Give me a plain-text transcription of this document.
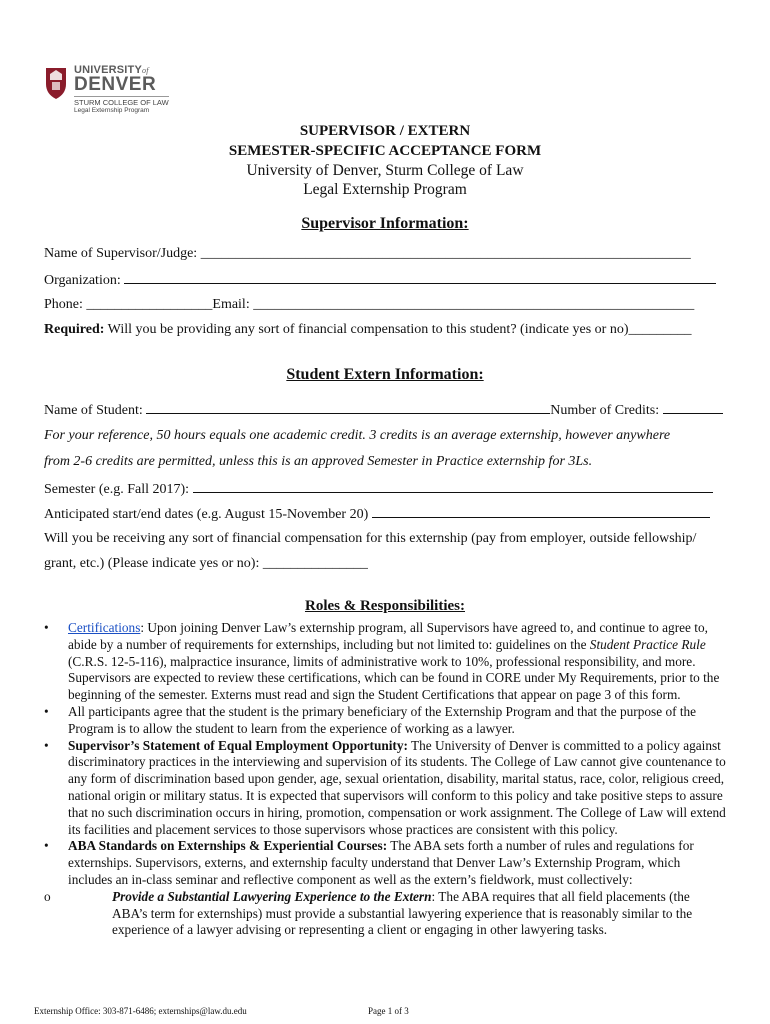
UNIVERSITYof
DENVER
STURM COLLEGE OF LAW
Legal Externship Program
SUPERVISOR / EXTERN
SEMESTER-SPECIFIC ACCEPTANCE FORM
University of Denver, Sturm College of Law
Legal Externship Program
Supervisor Information:
Name of Supervisor/Judge: ______________________________________________________________________
Organization:
Phone: __________________Email: _______________________________________________________________
Required: Will you be providing any sort of financial compensation to this student? (indicate yes or no)_________
Student Extern Information:
Name of Student:	Number of Credits:
For your reference, 50 hours equals one academic credit. 3 credits is an average externship, however anywhere
from 2-6 credits are permitted, unless this is an approved Semester in Practice externship for 3Ls.
Semester (e.g. Fall 2017):
Anticipated start/end dates (e.g. August 15-November 20)
Will you be receiving any sort of financial compensation for this externship (pay from employer, outside fellowship/
grant, etc.) (Please indicate yes or no): _______________
Roles & Responsibilities:
• Certifications: Upon joining Denver Law’s externship program, all Supervisors have agreed to, and continue to agree to, abide by a number of requirements for externships, including but not limited to: guidelines on the Student Practice Rule (C.R.S. 12-5-116), malpractice insurance, limits of administrative work to 10%, professional responsibility, and more. Supervisors are expected to review these certifications, which can be found in CORE under My Requirements, prior to the beginning of the semester. Externs must read and sign the Student Certifications that appear on page 3 of this form.
• All participants agree that the student is the primary beneficiary of the Externship Program and that the purpose of the Program is to allow the student to learn from the experience of working as a lawyer.
• Supervisor’s Statement of Equal Employment Opportunity: The University of Denver is committed to a policy against discriminatory practices in the interviewing and supervision of its students. The College of Law cannot give countenance to any form of discrimination based upon gender, age, sexual orientation, disability, marital status, race, color, religious creed, national origin or military status. It is expected that supervisors will conform to this policy and take positive steps to assure that no such discrimination occurs in hiring, promotion, compensation or work assignment. The College of Law will extend its facilities and placement services to those supervisors whose practices are consistent with this policy.
• ABA Standards on Externships & Experiential Courses: The ABA sets forth a number of rules and regulations for externships. Supervisors, externs, and externship faculty understand that Denver Law’s Externship Program, which includes an in-class seminar and reflective component as well as the extern’s fieldwork, must collectively:
o	Provide a Substantial Lawyering Experience to the Extern: The ABA requires that all field placements (the ABA’s term for externships) must provide a substantial lawyering experience that is reasonably similar to the experience of a lawyer advising or representing a client or engaging in other lawyering tasks.
Externship Office: 303-871-6486; externships@law.du.edu	Page 1 of 3
